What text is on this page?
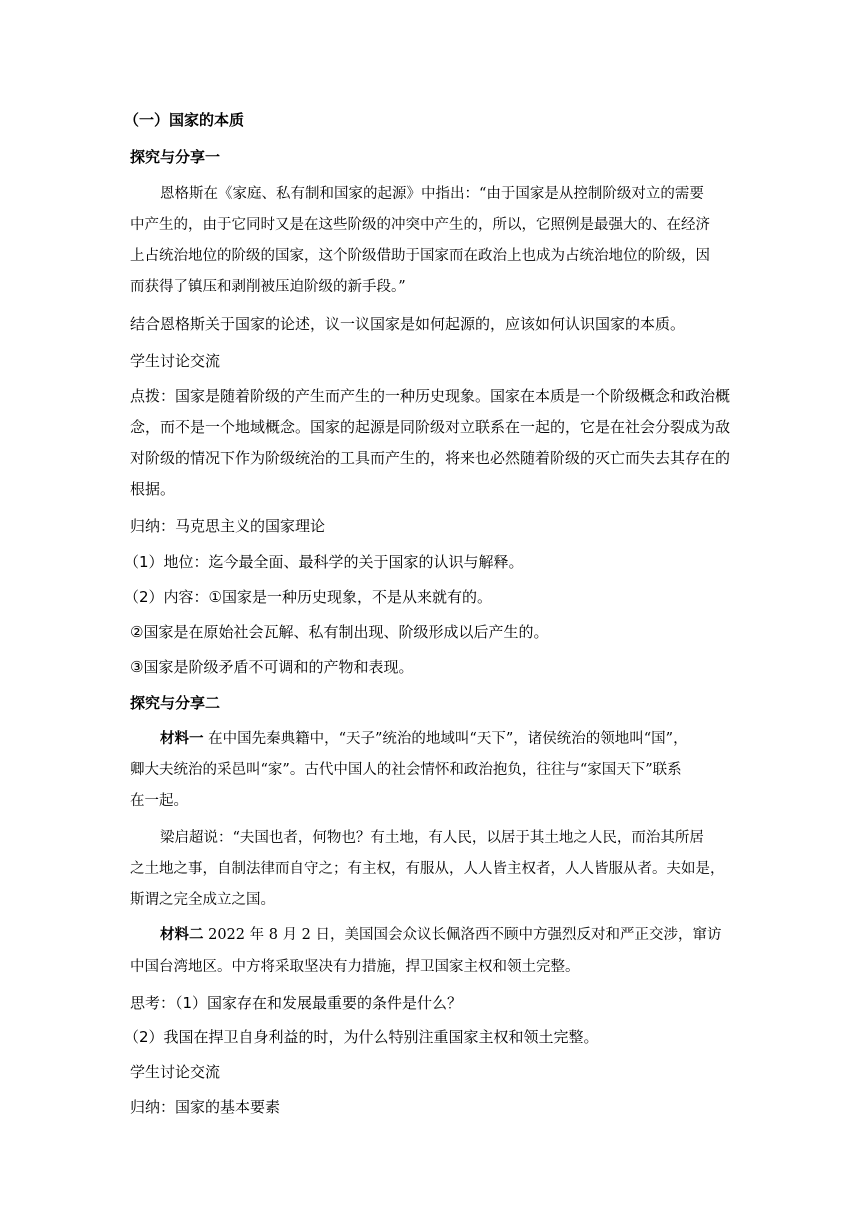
（一）国家的本质
探究与分享一
恩格斯在《家庭、私有制和国家的起源》中指出：“由于国家是从控制阶级对立的需要
中产生的，由于它同时又是在这些阶级的冲突中产生的，所以，它照例是最强大的、在经济
上占统治地位的阶级的国家，这个阶级借助于国家而在政治上也成为占统治地位的阶级，因
而获得了镇压和剥削被压迫阶级的新手段。”
结合恩格斯关于国家的论述，议一议国家是如何起源的，应该如何认识国家的本质。
学生讨论交流
点拨：国家是随着阶级的产生而产生的一种历史现象。国家在本质是一个阶级概念和政治概
念，而不是一个地域概念。国家的起源是同阶级对立联系在一起的，它是在社会分裂成为敌
对阶级的情况下作为阶级统治的工具而产生的，将来也必然随着阶级的灭亡而失去其存在的
根据。
归纳：马克思主义的国家理论
（1）地位：迄今最全面、最科学的关于国家的认识与解释。
（2）内容：①国家是一种历史现象，不是从来就有的。
②国家是在原始社会瓦解、私有制出现、阶级形成以后产生的。
③国家是阶级矛盾不可调和的产物和表现。
探究与分享二
材料一 在中国先秦典籍中，“天子”统治的地域叫“天下”，诸侯统治的领地叫“国”，
卿大夫统治的采邑叫“家”。古代中国人的社会情怀和政治抱负，往往与“家国天下”联系
在一起。
梁启超说：“夫国也者，何物也？有土地，有人民，以居于其土地之人民，而治其所居
之土地之事，自制法律而自守之；有主权，有服从，人人皆主权者，人人皆服从者。夫如是，
斯谓之完全成立之国。
材料二 2022 年 8 月 2 日，美国国会众议长佩洛西不顾中方强烈反对和严正交涉，窜访
中国台湾地区。中方将采取坚决有力措施，捍卫国家主权和领土完整。
思考：（1）国家存在和发展最重要的条件是什么？
（2）我国在捍卫自身利益的时，为什么特别注重国家主权和领土完整。
学生讨论交流
归纳：国家的基本要素
